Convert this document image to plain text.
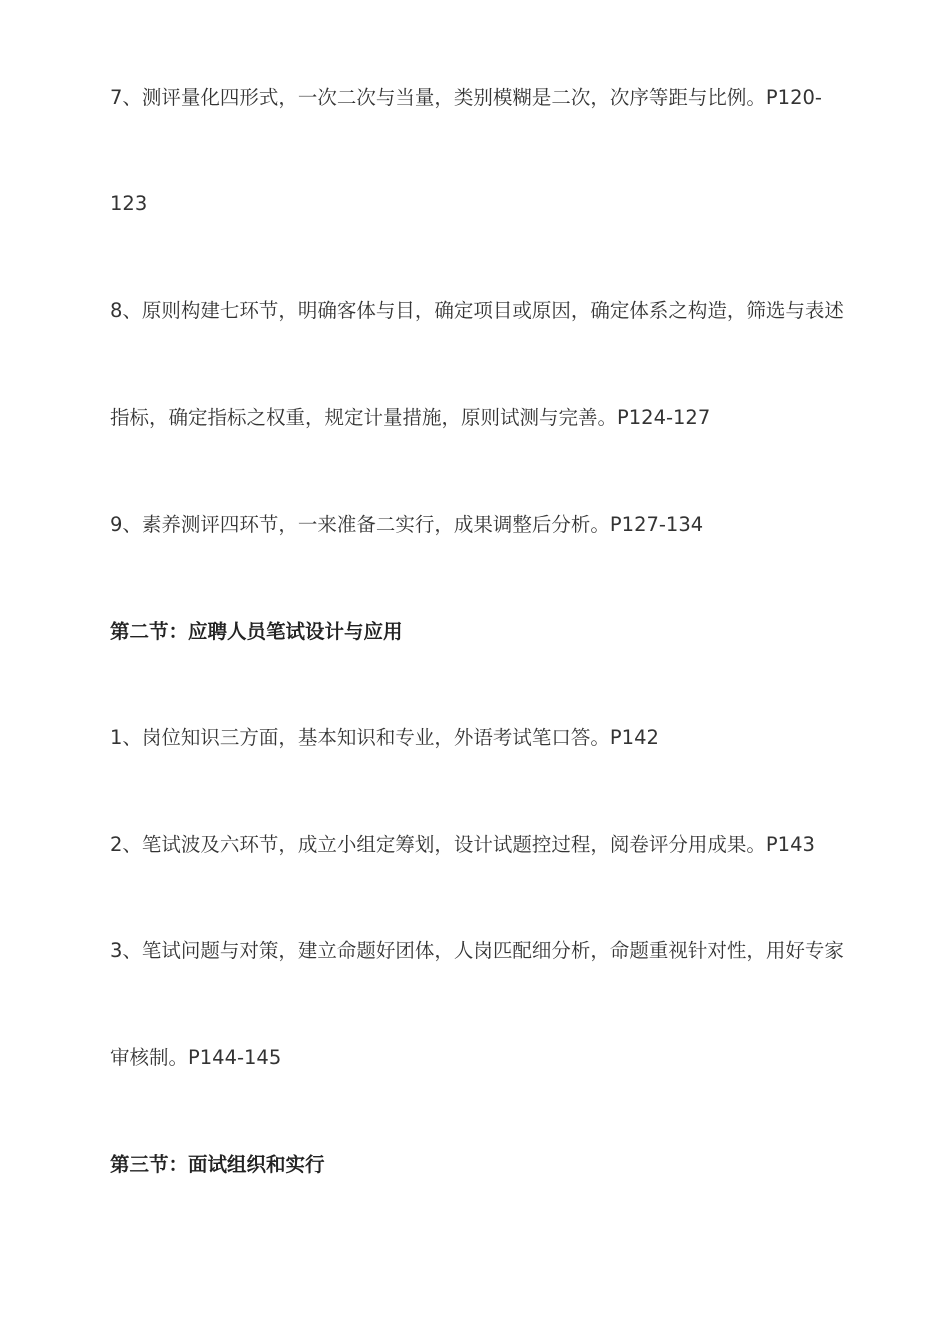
7、测评量化四形式，一次二次与当量，类别模糊是二次，次序等距与比例。P120-
123
8、原则构建七环节，明确客体与目，确定项目或原因，确定体系之构造，筛选与表述
指标，确定指标之权重，规定计量措施，原则试测与完善。P124-127
9、素养测评四环节，一来准备二实行，成果调整后分析。P127-134
第二节：应聘人员笔试设计与应用
1、岗位知识三方面，基本知识和专业，外语考试笔口答。P142
2、笔试波及六环节，成立小组定筹划，设计试题控过程，阅卷评分用成果。P143
3、笔试问题与对策，建立命题好团体，人岗匹配细分析，命题重视针对性，用好专家
审核制。P144-145
第三节：面试组织和实行
